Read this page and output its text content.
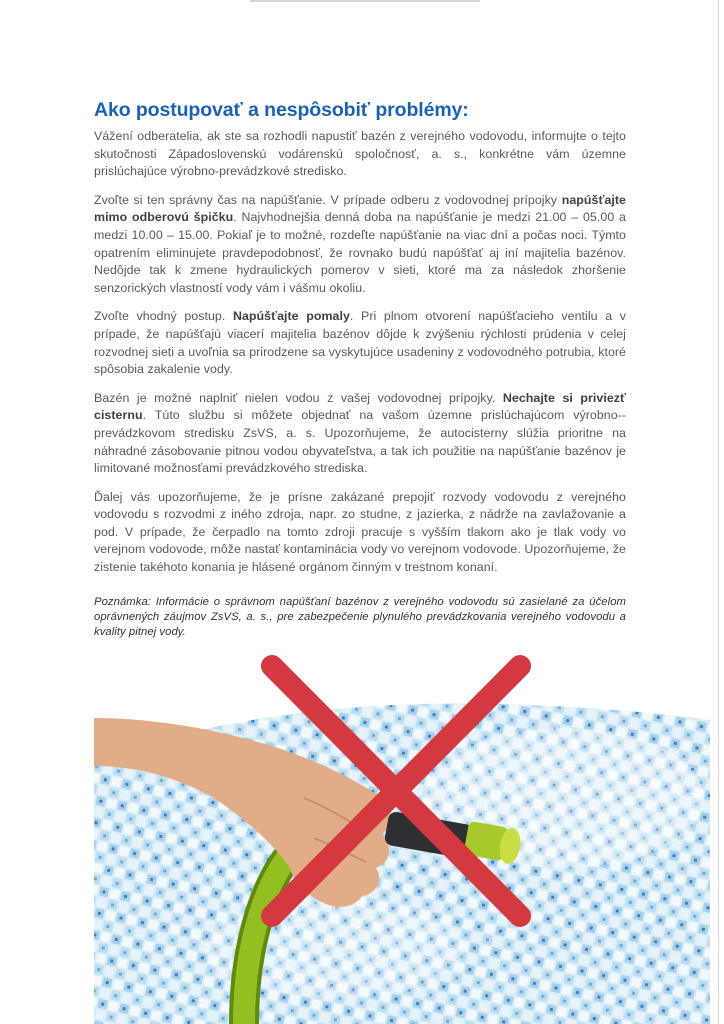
Ako postupovať a nespôsobiť problémy:

Vážení odberatelia, ak ste sa rozhodli napustiť bazén z verejného vodovodu, informujte o tejto skutočnosti Západoslovenskú vodárenskú spoločnosť, a. s., konkrétne vám územne prislúchajúce výrobno-prevádzkové stredisko.

Zvoľte si ten správny čas na napúšťanie. V prípade odberu z vodovodnej prípojky napúšťajte mimo odberovú špičku. Najvhodnejšia denná doba na napúšťanie je medzi 21.00 – 05.00 a medzi 10.00 – 15.00. Pokiaľ je to možné, rozdeľte napúšťanie na viac dní a počas noci. Týmto opatrením eliminujete pravdepodobnosť, že rovnako budú napúšťať aj iní majitelia bazénov. Nedôjde tak k zmene hydraulických pomerov v sieti, ktoré ma za následok zhoršenie senzorických vlastností vody vám i vášmu okoliu.

Zvoľte vhodný postup. Napúšťajte pomaly. Pri plnom otvorení napúšťacieho ventilu a v prípade, že napúšťajú viacerí majitelia bazénov dôjde k zvýšeniu rýchlosti prúdenia v celej rozvodnej sieti a uvoľnia sa prirodzene sa vyskytujúce usadeniny z vodovodného potrubia, ktoré spôsobia zakalenie vody.

Bazén je možné naplniť nielen vodou z vašej vodovodnej prípojky. Nechajte si priviezť cisternu. Túto službu si môžete objednať na vašom územne prislúchajúcom výrobno--prevádzkovom stredisku ZsVS, a. s. Upozorňujeme, že autocisterny slúžia prioritne na náhradné zásobovanie pitnou vodou obyvateľstva, a tak ich použitie na napúšťanie bazénov je limitované možnosťami prevádzkového strediska.

Ďalej vás upozorňujeme, že je prísne zakázané prepojiť rozvody vodovodu z verejného vodovodu s rozvodmi z iného zdroja, napr. zo studne, z jazierka, z nádrže na zavlažovanie a pod. V prípade, že čerpadlo na tomto zdroji pracuje s vyšším tlakom ako je tlak vody vo verejnom vodovode, môže nastať kontaminácia vody vo verejnom vodovode. Upozorňujeme, že zistenie takéhoto konania je hlásené orgánom činným v trestnom konaní.

Poznámka: Informácie o správnom napúšťaní bazénov z verejného vodovodu sú zasielané za účelom oprávnených záujmov ZsVS, a. s., pre zabezpečenie plynulého prevádzkovania verejného vodovodu a kvality pitnej vody.
